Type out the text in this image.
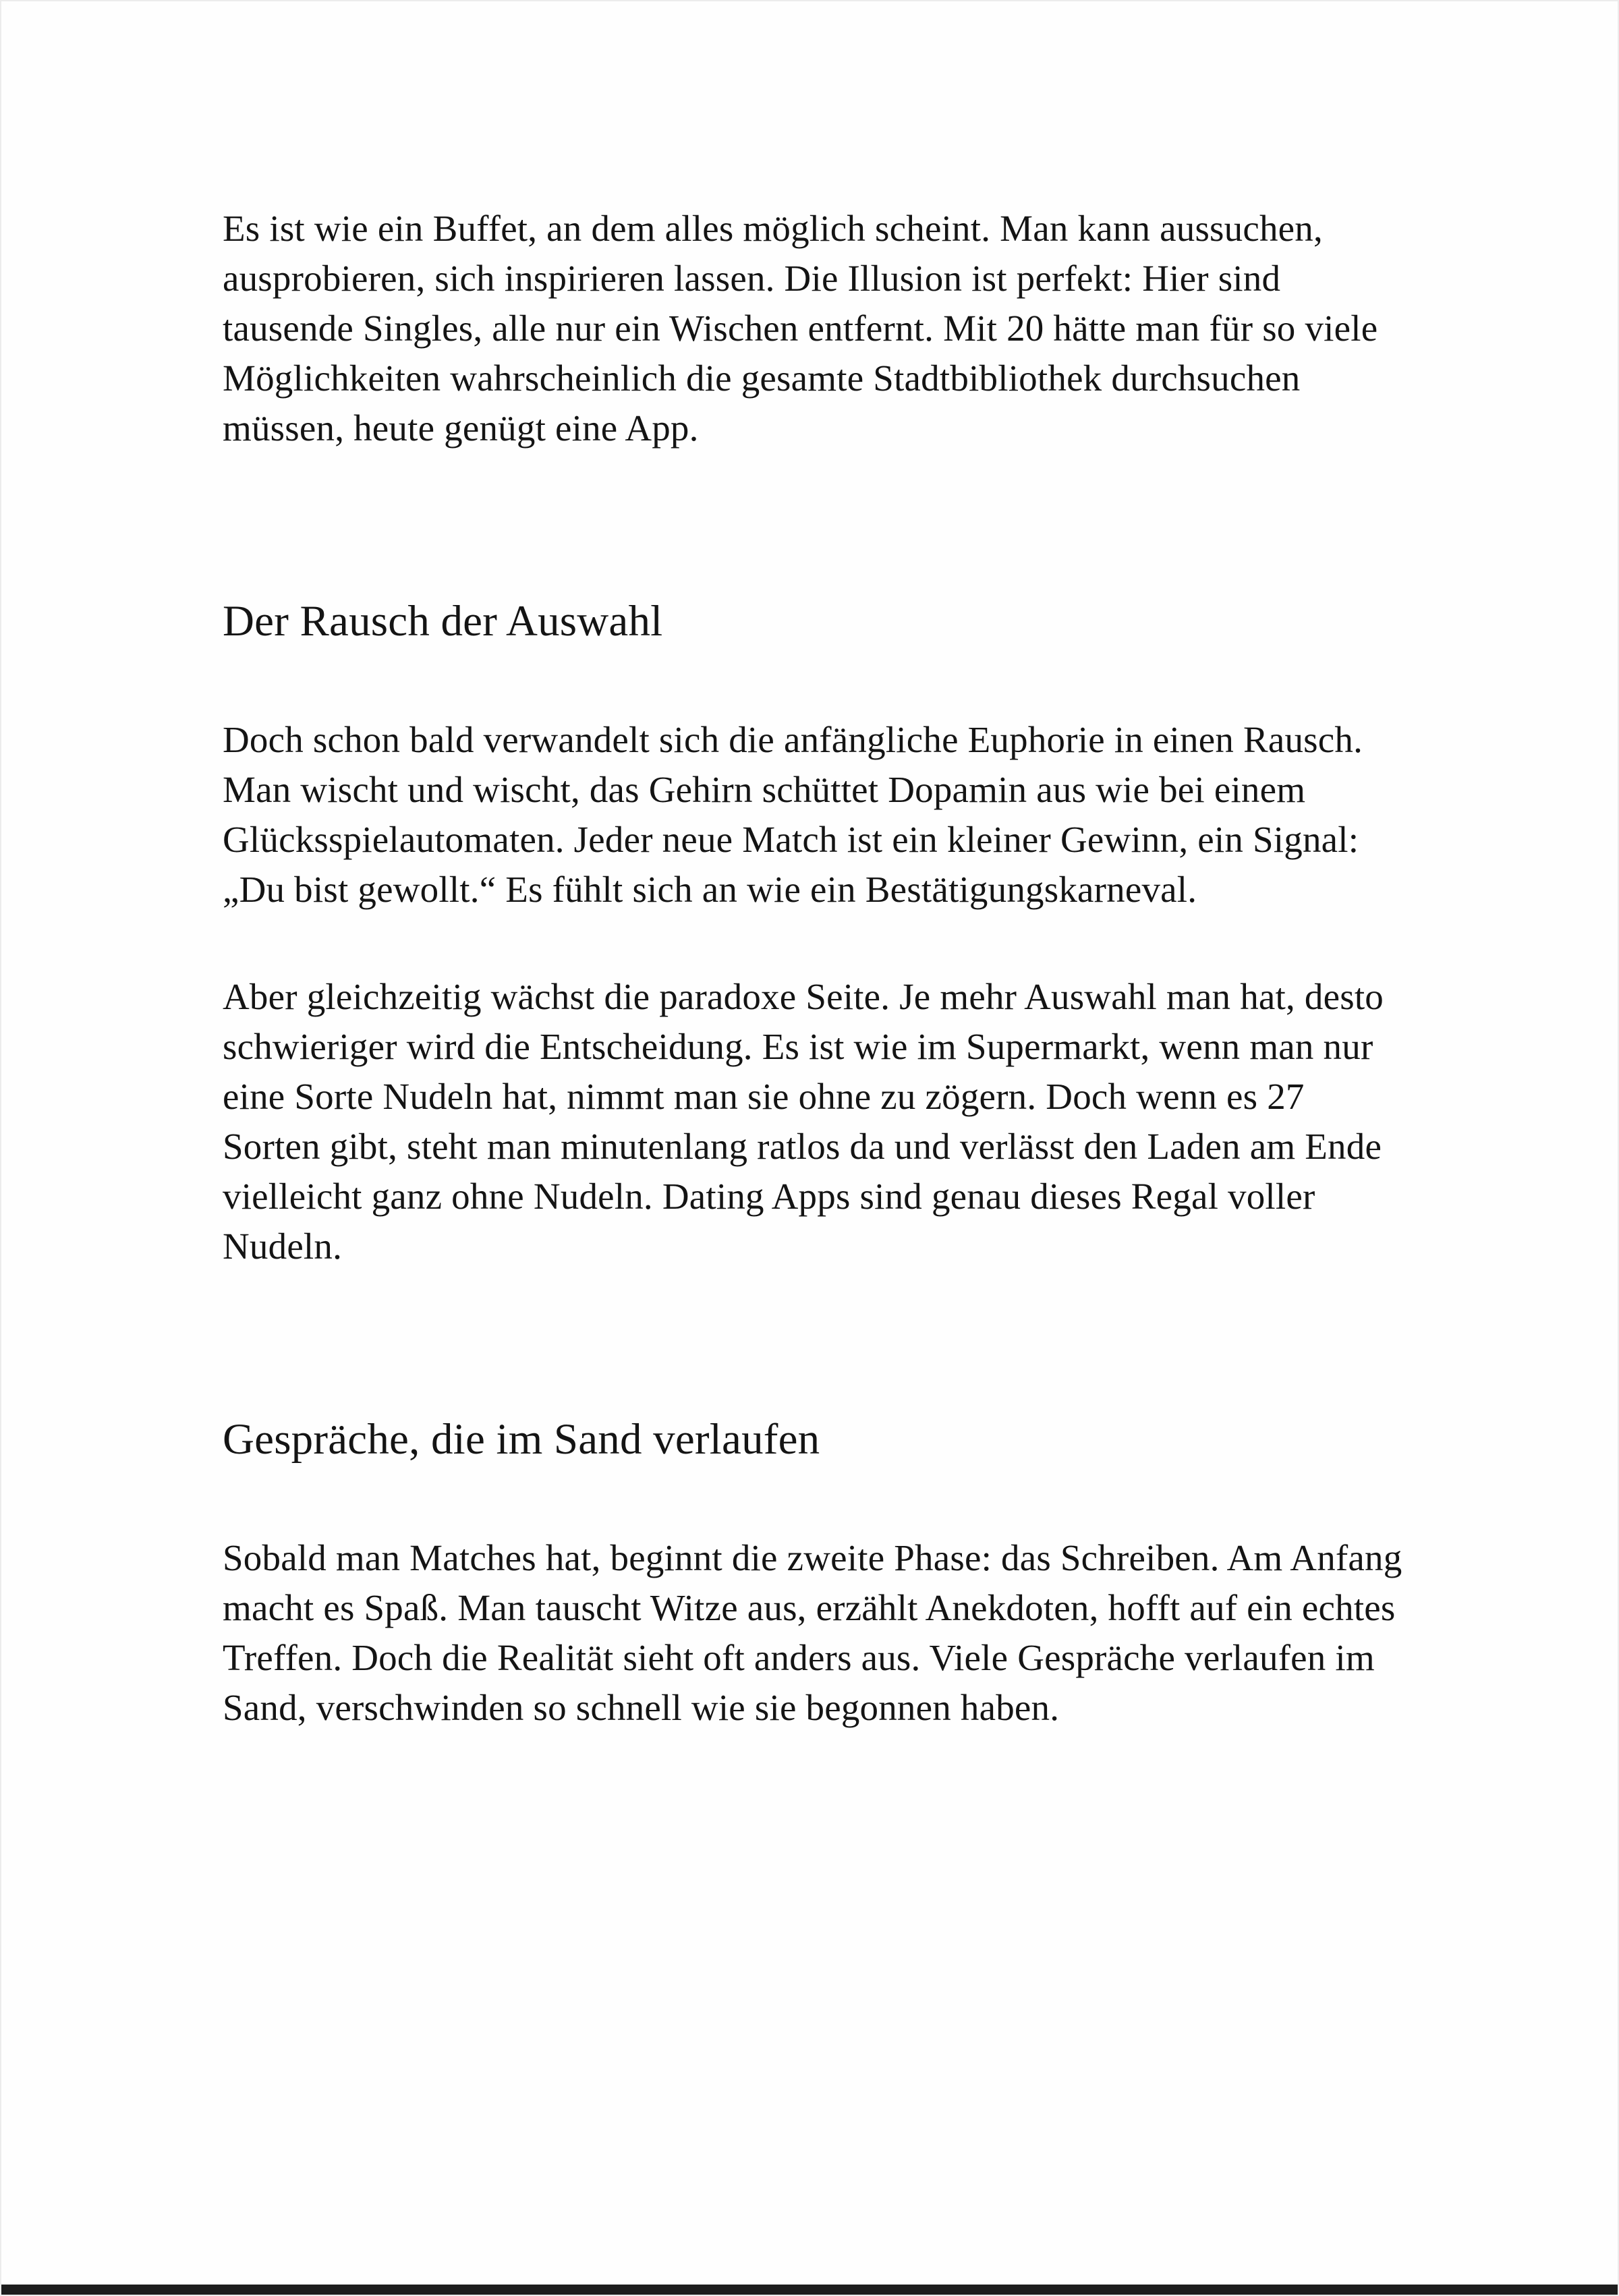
Es ist wie ein Buffet, an dem alles möglich scheint. Man kann aussuchen, ausprobieren, sich inspirieren lassen. Die Illusion ist perfekt: Hier sind tausende Singles, alle nur ein Wischen entfernt. Mit 20 hätte man für so viele Möglichkeiten wahrscheinlich die gesamte Stadtbibliothek durchsuchen müssen, heute genügt eine App.

Der Rausch der Auswahl

Doch schon bald verwandelt sich die anfängliche Euphorie in einen Rausch. Man wischt und wischt, das Gehirn schüttet Dopamin aus wie bei einem Glücksspielautomaten. Jeder neue Match ist ein kleiner Gewinn, ein Signal: „Du bist gewollt.“ Es fühlt sich an wie ein Bestätigungskarneval.

Aber gleichzeitig wächst die paradoxe Seite. Je mehr Auswahl man hat, desto schwieriger wird die Entscheidung. Es ist wie im Supermarkt, wenn man nur eine Sorte Nudeln hat, nimmt man sie ohne zu zögern. Doch wenn es 27 Sorten gibt, steht man minutenlang ratlos da und verlässt den Laden am Ende vielleicht ganz ohne Nudeln. Dating Apps sind genau dieses Regal voller Nudeln.

Gespräche, die im Sand verlaufen

Sobald man Matches hat, beginnt die zweite Phase: das Schreiben. Am Anfang macht es Spaß. Man tauscht Witze aus, erzählt Anekdoten, hofft auf ein echtes Treffen. Doch die Realität sieht oft anders aus. Viele Gespräche verlaufen im Sand, verschwinden so schnell wie sie begonnen haben.
